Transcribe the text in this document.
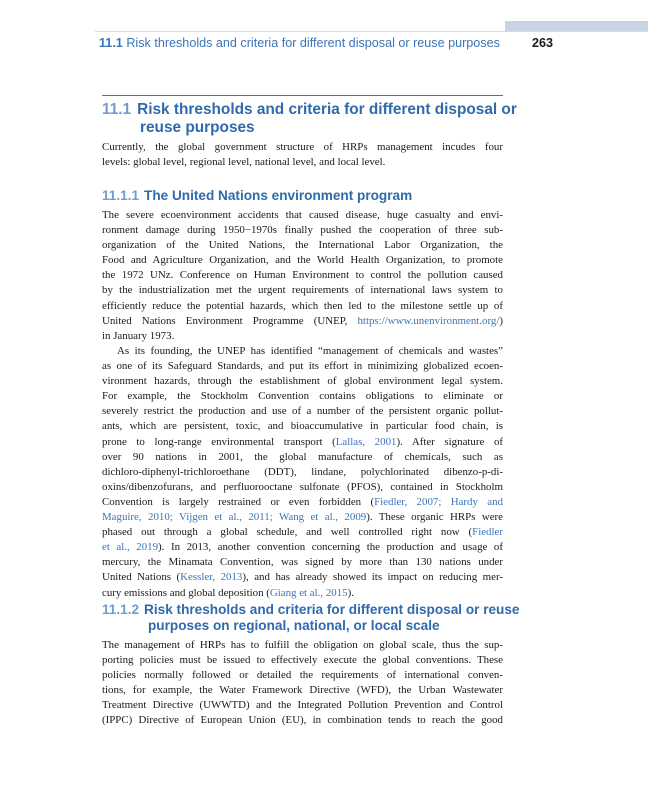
11.1 Risk thresholds and criteria for different disposal or reuse purposes	263
11.1 Risk thresholds and criteria for different disposal or
reuse purposes
Currently, the global government structure of HRPs management incudes four
levels: global level, regional level, national level, and local level.
11.1.1 The United Nations environment program
The severe ecoenvironment accidents that caused disease, huge casualty and envi-
ronment damage during 1950−1970s finally pushed the cooperation of three sub-
organization of the United Nations, the International Labor Organization, the
Food and Agriculture Organization, and the World Health Organization, to promote
the 1972 UNz. Conference on Human Environment to control the pollution caused
by the industrialization met the urgent requirements of international laws system to
efficiently reduce the potential hazards, which then led to the milestone settle up of
United Nations Environment Programme (UNEP, https://www.unenvironment.org/)
in January 1973.
As its founding, the UNEP has identified “management of chemicals and wastes”
as one of its Safeguard Standards, and put its effort in minimizing globalized ecoen-
vironment hazards, through the establishment of global environment legal system.
For example, the Stockholm Convention contains obligations to eliminate or
severely restrict the production and use of a number of the persistent organic pollut-
ants, which are persistent, toxic, and bioaccumulative in particular food chain, is
prone to long-range environmental transport (Lallas, 2001). After signature of
over 90 nations in 2001, the global manufacture of chemicals, such as
dichloro-diphenyl-trichloroethane (DDT), lindane, polychlorinated dibenzo-p-di-
oxins/dibenzofurans, and perfluorooctane sulfonate (PFOS), contained in Stockholm
Convention is largely restrained or even forbidden (Fiedler, 2007; Hardy and
Maguire, 2010; Vijgen et al., 2011; Wang et al., 2009). These organic HRPs were
phased out through a global schedule, and well controlled right now (Fiedler
et al., 2019). In 2013, another convention concerning the production and usage of
mercury, the Minamata Convention, was signed by more than 130 nations under
United Nations (Kessler, 2013), and has already showed its impact on reducing mer-
cury emissions and global deposition (Giang et al., 2015).
11.1.2 Risk thresholds and criteria for different disposal or reuse
purposes on regional, national, or local scale
The management of HRPs has to fulfill the obligation on global scale, thus the sup-
porting policies must be issued to effectively execute the global conventions. These
policies normally followed or detailed the requirements of international conven-
tions, for example, the Water Framework Directive (WFD), the Urban Wastewater
Treatment Directive (UWWTD) and the Integrated Pollution Prevention and Control
(IPPC) Directive of European Union (EU), in combination tends to reach the good
